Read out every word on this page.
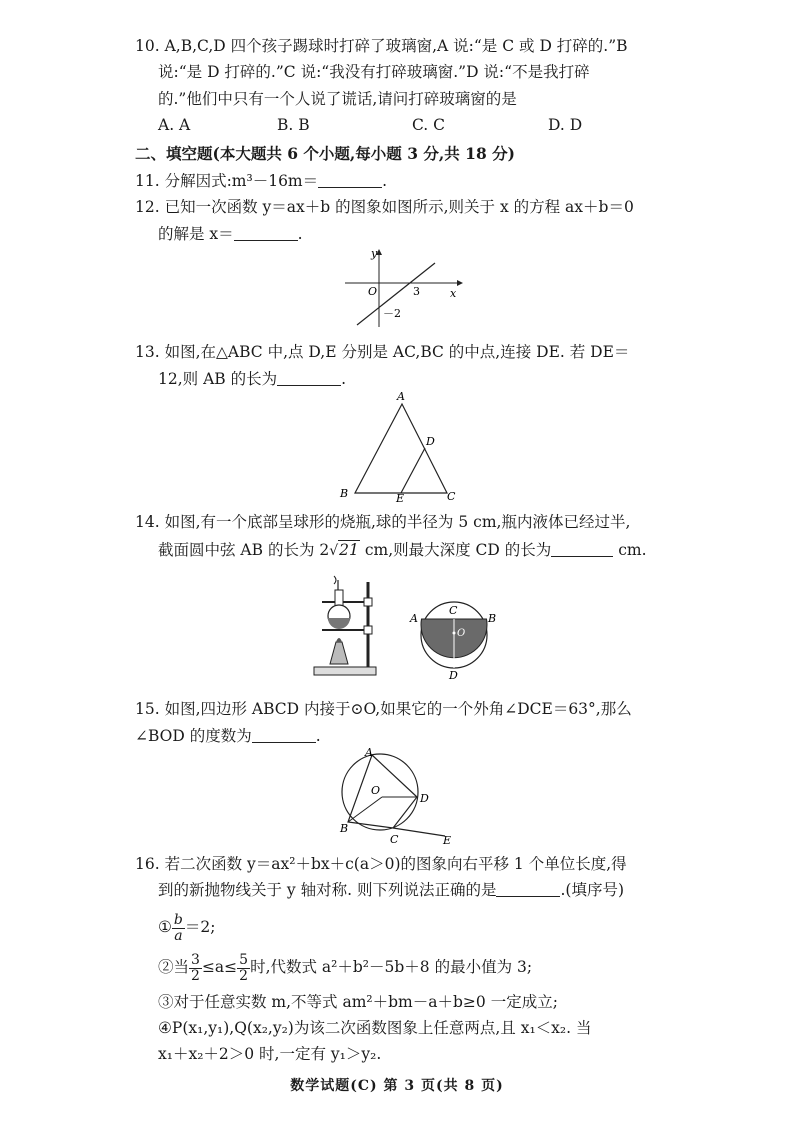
10. A,B,C,D 四个孩子踢球时打碎了玻璃窗,A 说:“是 C 或 D 打碎的.”B
说:“是 D 打碎的.”C 说:“我没有打碎玻璃窗.”D 说:“不是我打碎
的.”他们中只有一个人说了谎话,请问打碎玻璃窗的是
A. A	B. B	C. C	D. D
二、填空题(本大题共 6 个小题,每小题 3 分,共 18 分)
11. 分解因式:m³－16m＝	.
12. 已知一次函数 y＝ax＋b 的图象如图所示,则关于 x 的方程 ax＋b＝0
的解是 x＝	.
y
x
O	3
－2
13. 如图,在△ABC 中,点 D,E 分别是 AC,BC 的中点,连接 DE. 若 DE＝
12,则 AB 的长为	.
A
B	C
D
E
14. 如图,有一个底部呈球形的烧瓶,球的半径为 5 cm,瓶内液体已经过半,
截面圆中弦 AB 的长为 2√21 cm,则最大深度 CD 的长为	cm.
C
A	B
O
D
15. 如图,四边形 ABCD 内接于⊙O,如果它的一个外角∠DCE＝63°,那么
∠BOD 的度数为	.
A
O
D
B
C	E
16. 若二次函数 y＝ax²＋bx＋c(a＞0)的图象向右平移 1 个单位长度,得
到的新抛物线关于 y 轴对称. 则下列说法正确的是	.(填序号)
① $\frac{b}{a} =2$;
②当 $\frac{3}{2} \le a\le \frac{5}{2}$ 时,代数式 a²＋b²－5b＋8 的最小值为 3;
③对于任意实数 m,不等式 am²＋bm－a＋b≥0 一定成立;
④P(x₁,y₁),Q(x₂,y₂)为该二次函数图象上任意两点,且 x₁＜x₂. 当
x₁＋x₂＋2＞0 时,一定有 y₁＞y₂.
数学试题(C) 第 3 页(共 8 页)
